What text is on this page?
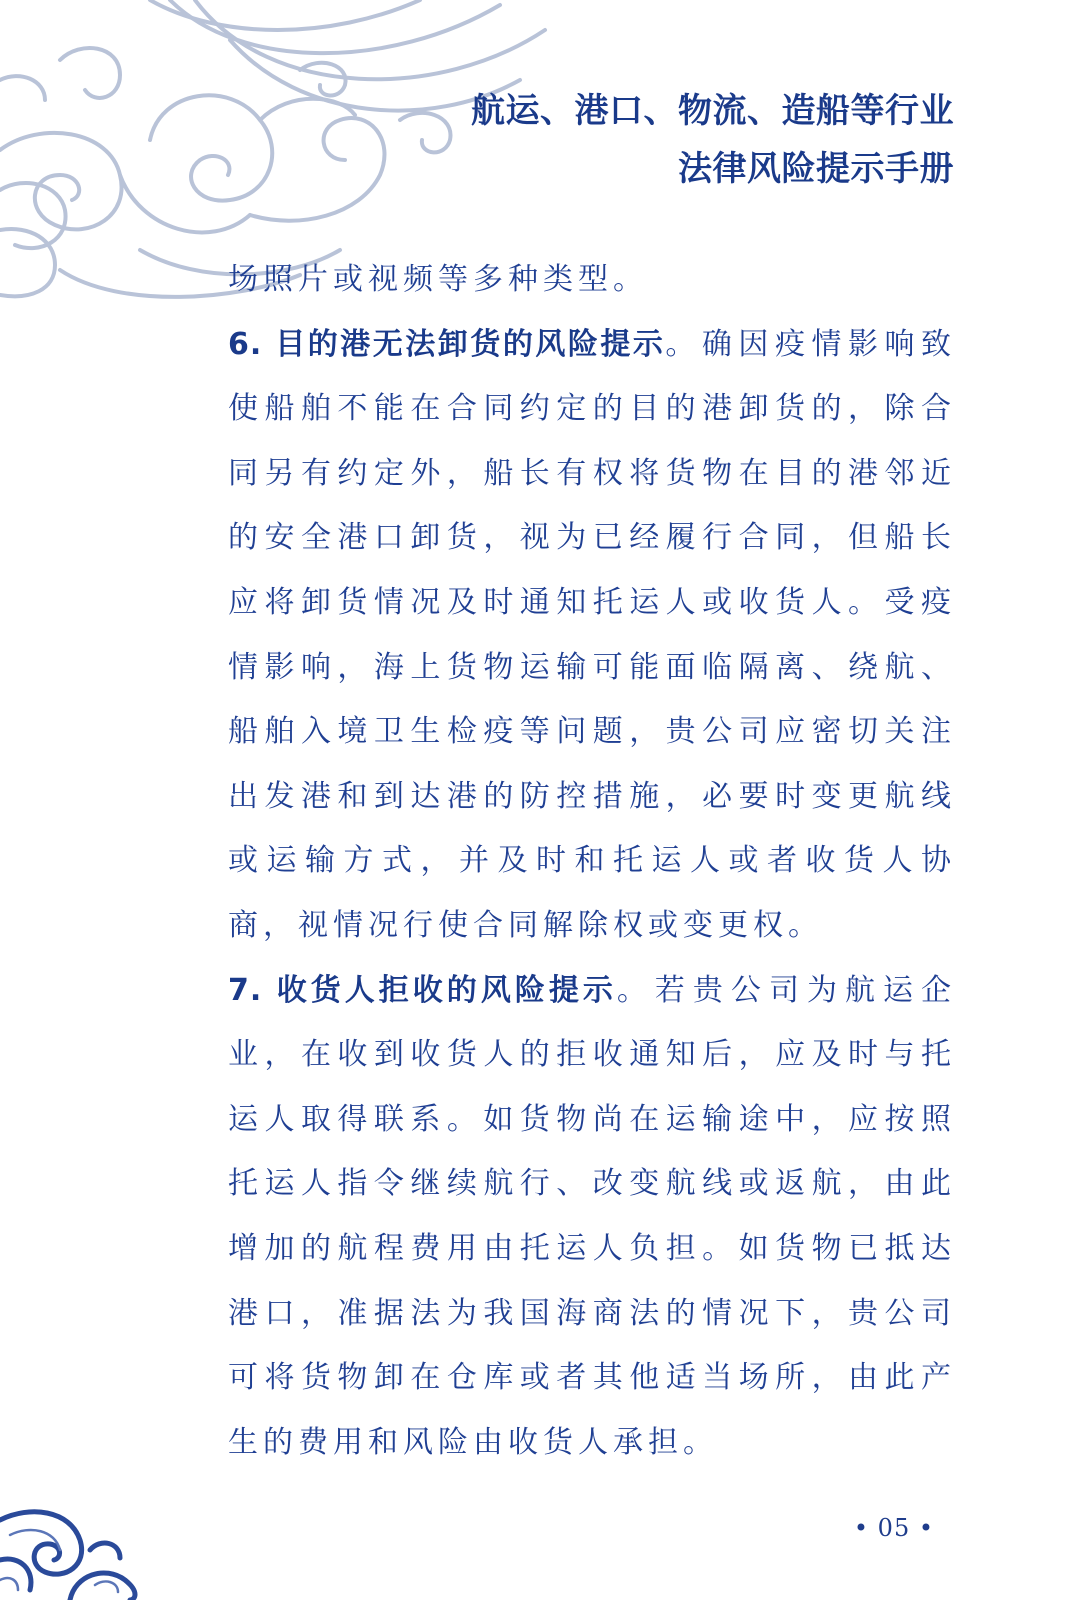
航运、港口、物流、造船等行业
法律风险提示手册

场照片或视频等多种类型。

6. 目的港无法卸货的风险提示。确因疫情影响致使船舶不能在合同约定的目的港卸货的，除合同另有约定外，船长有权将货物在目的港邻近的安全港口卸货，视为已经履行合同，但船长应将卸货情况及时通知托运人或收货人。受疫情影响，海上货物运输可能面临隔离、绕航、船舶入境卫生检疫等问题，贵公司应密切关注出发港和到达港的防控措施，必要时变更航线或运输方式，并及时和托运人或者收货人协商，视情况行使合同解除权或变更权。

7. 收货人拒收的风险提示。若贵公司为航运企业，在收到收货人的拒收通知后，应及时与托运人取得联系。如货物尚在运输途中，应按照托运人指令继续航行、改变航线或返航，由此增加的航程费用由托运人负担。如货物已抵达港口，准据法为我国海商法的情况下，贵公司可将货物卸在仓库或者其他适当场所，由此产生的费用和风险由收货人承担。

• 05 •
